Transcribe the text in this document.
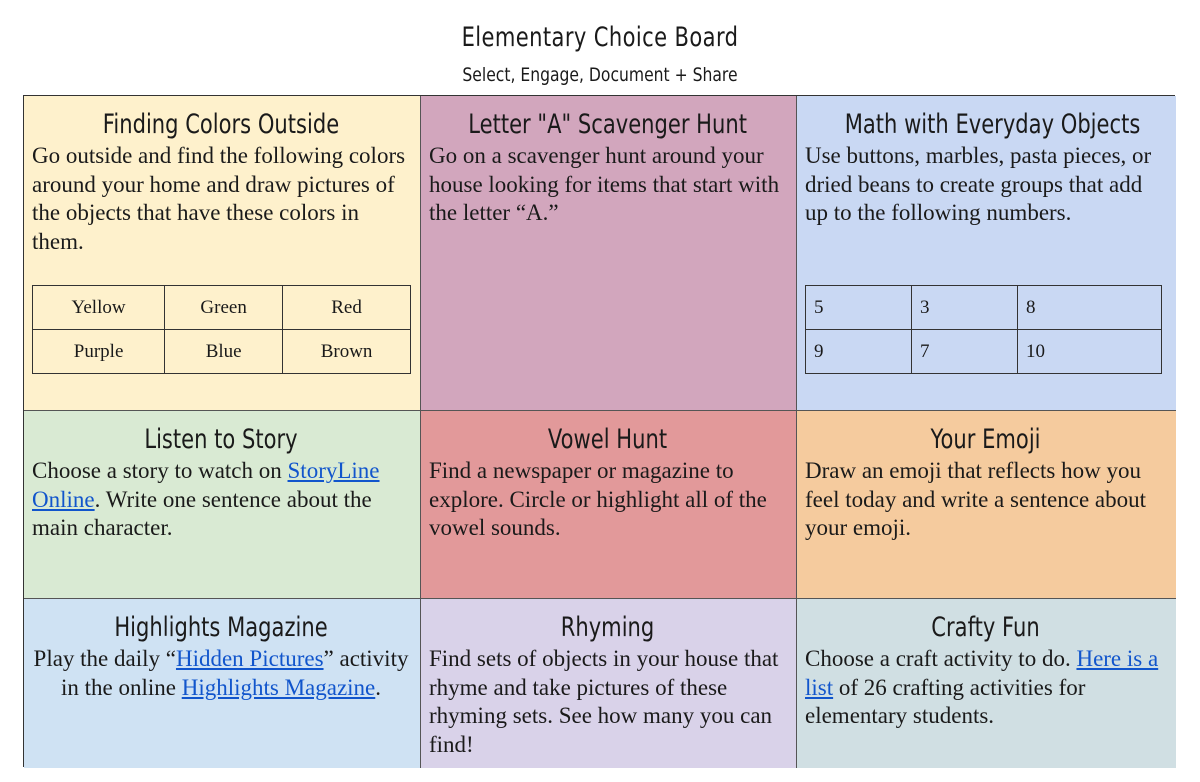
Elementary Choice Board
Select, Engage, Document + Share
Finding Colors Outside
Go outside and find the following colors around your home and draw pictures of the objects that have these colors in them.
Yellow	Green	Red
Purple	Blue	Brown
Letter "A" Scavenger Hunt
Go on a scavenger hunt around your house looking for items that start with the letter “A.”
Math with Everyday Objects
Use buttons, marbles, pasta pieces, or dried beans to create groups that add up to the following numbers.
5	3	8
9	7	10
Listen to Story
Choose a story to watch on StoryLine Online. Write one sentence about the main character.
Vowel Hunt
Find a newspaper or magazine to explore. Circle or highlight all of the vowel sounds.
Your Emoji
Draw an emoji that reflects how you feel today and write a sentence about your emoji.
Highlights Magazine
Play the daily “Hidden Pictures” activity in the online Highlights Magazine.
Rhyming
Find sets of objects in your house that rhyme and take pictures of these rhyming sets. See how many you can find!
Crafty Fun
Choose a craft activity to do. Here is a list of 26 crafting activities for elementary students.
